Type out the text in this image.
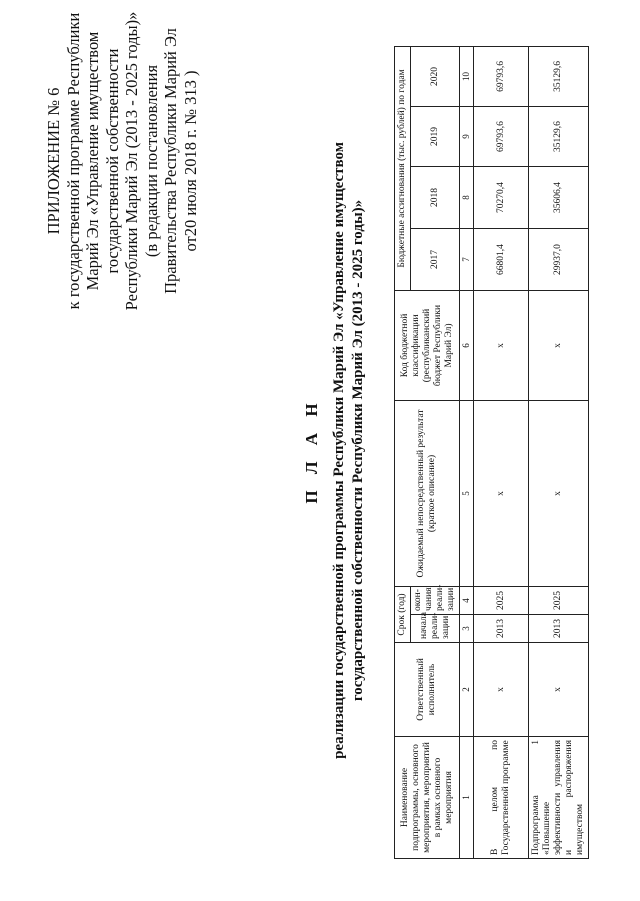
ПРИЛОЖЕНИЕ № 6 к государственной программе Республики Марий Эл «Управление имуществом государственной собственности Республики Марий Эл (2013 - 2025 годы)» (в редакции постановления Правительства Республики Марий Эл от20 июля 2018 г. № 313 )
П Л А Н реализации государственной программы Республики Марий Эл «Управление имуществом государственной собственности Республики Марий Эл (2013 - 2025 годы)»
Наименование подпрограммы, основного мероприятия, мероприятий в рамках основного мероприятия	Ответственный исполнитель	Срок (год)		Ожидаемый непосредственный результат (краткое описание)	Код бюджетной классификации (республиканский бюджет Республики Марий Эл)	Бюджетные ассигнования (тыс. рублей) по годам			
		начала реали-зации	окон-чания реали-зации			2017	2018	2019	2020

1	2	3	4	5	6	7	8	9	10
В целом по Государственной программе	х	2013	2025	х	х	66801,4	70270,4	69793,6	69793,6
Подпрограмма 1 «Повышение эффективности управления и распоряжения имуществом	х	2013	2025	х	х	29937,0	35606,4	35129,6	35129,6
